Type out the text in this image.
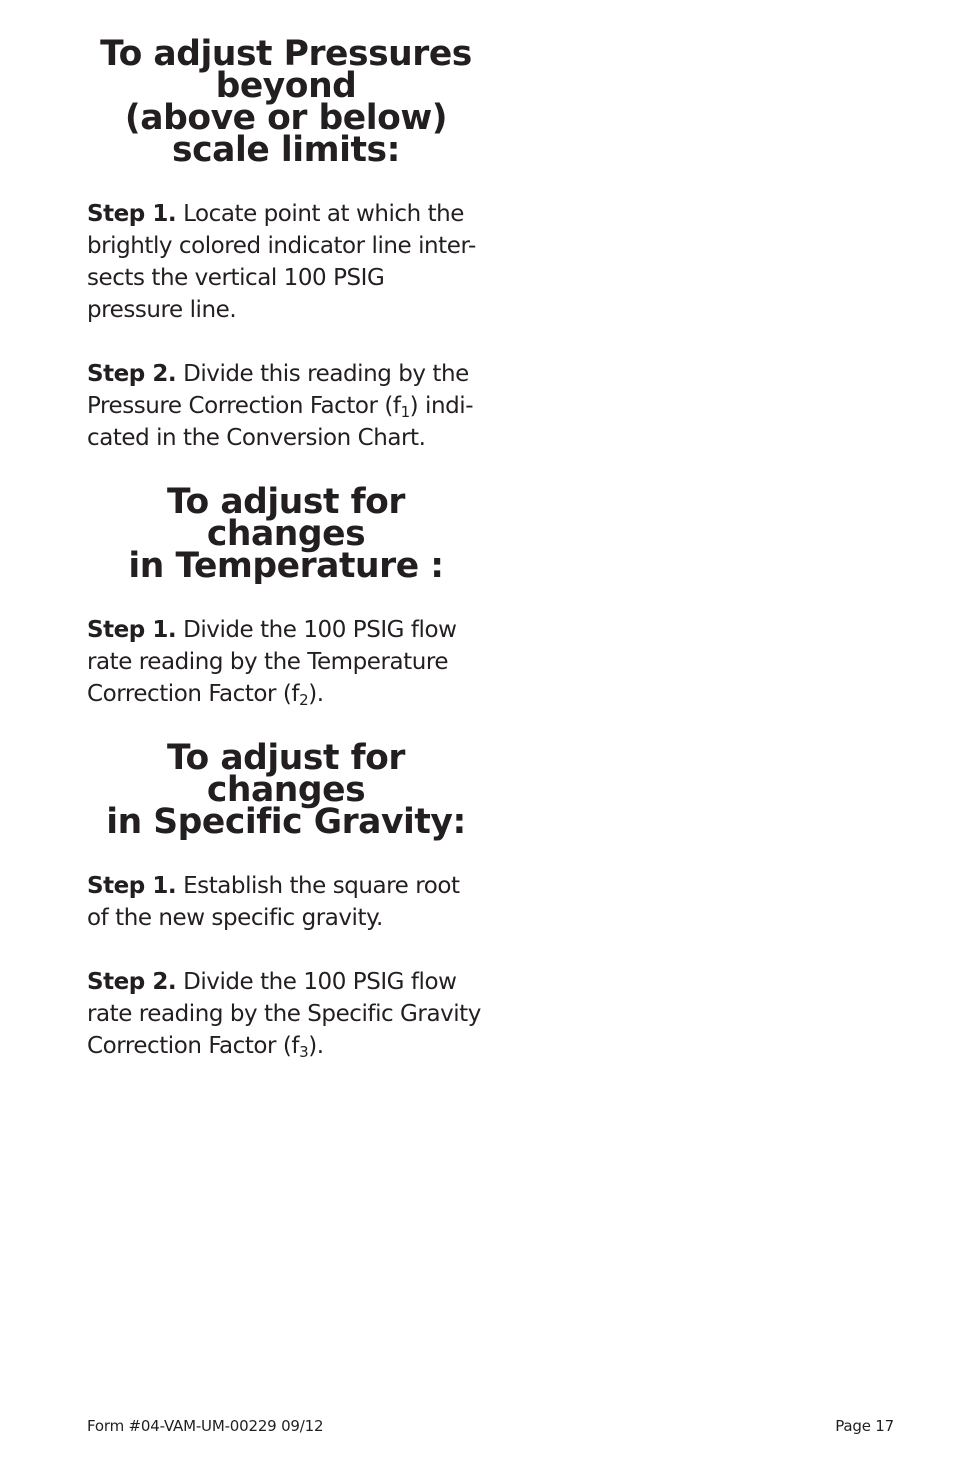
To adjust Pressures beyond
(above or below) scale limits:

Step 1. Locate point at which the brightly colored indicator line inter-sects the vertical 100 PSIG pressure line.

Step 2. Divide this reading by the Pressure Correction Factor $(f_1)$ indi-cated in the Conversion Chart.

To adjust for changes
in Temperature :

Step 1. Divide the 100 PSIG flow rate reading by the Temperature Correction Factor $(f_2)$.

To adjust for changes
in Specific Gravity:

Step 1. Establish the square root of the new specific gravity.

Step 2. Divide the 100 PSIG flow rate reading by the Specific Gravity Correction Factor $(f_3)$.

Form #04-VAM-UM-00229 09/12	Page 17
